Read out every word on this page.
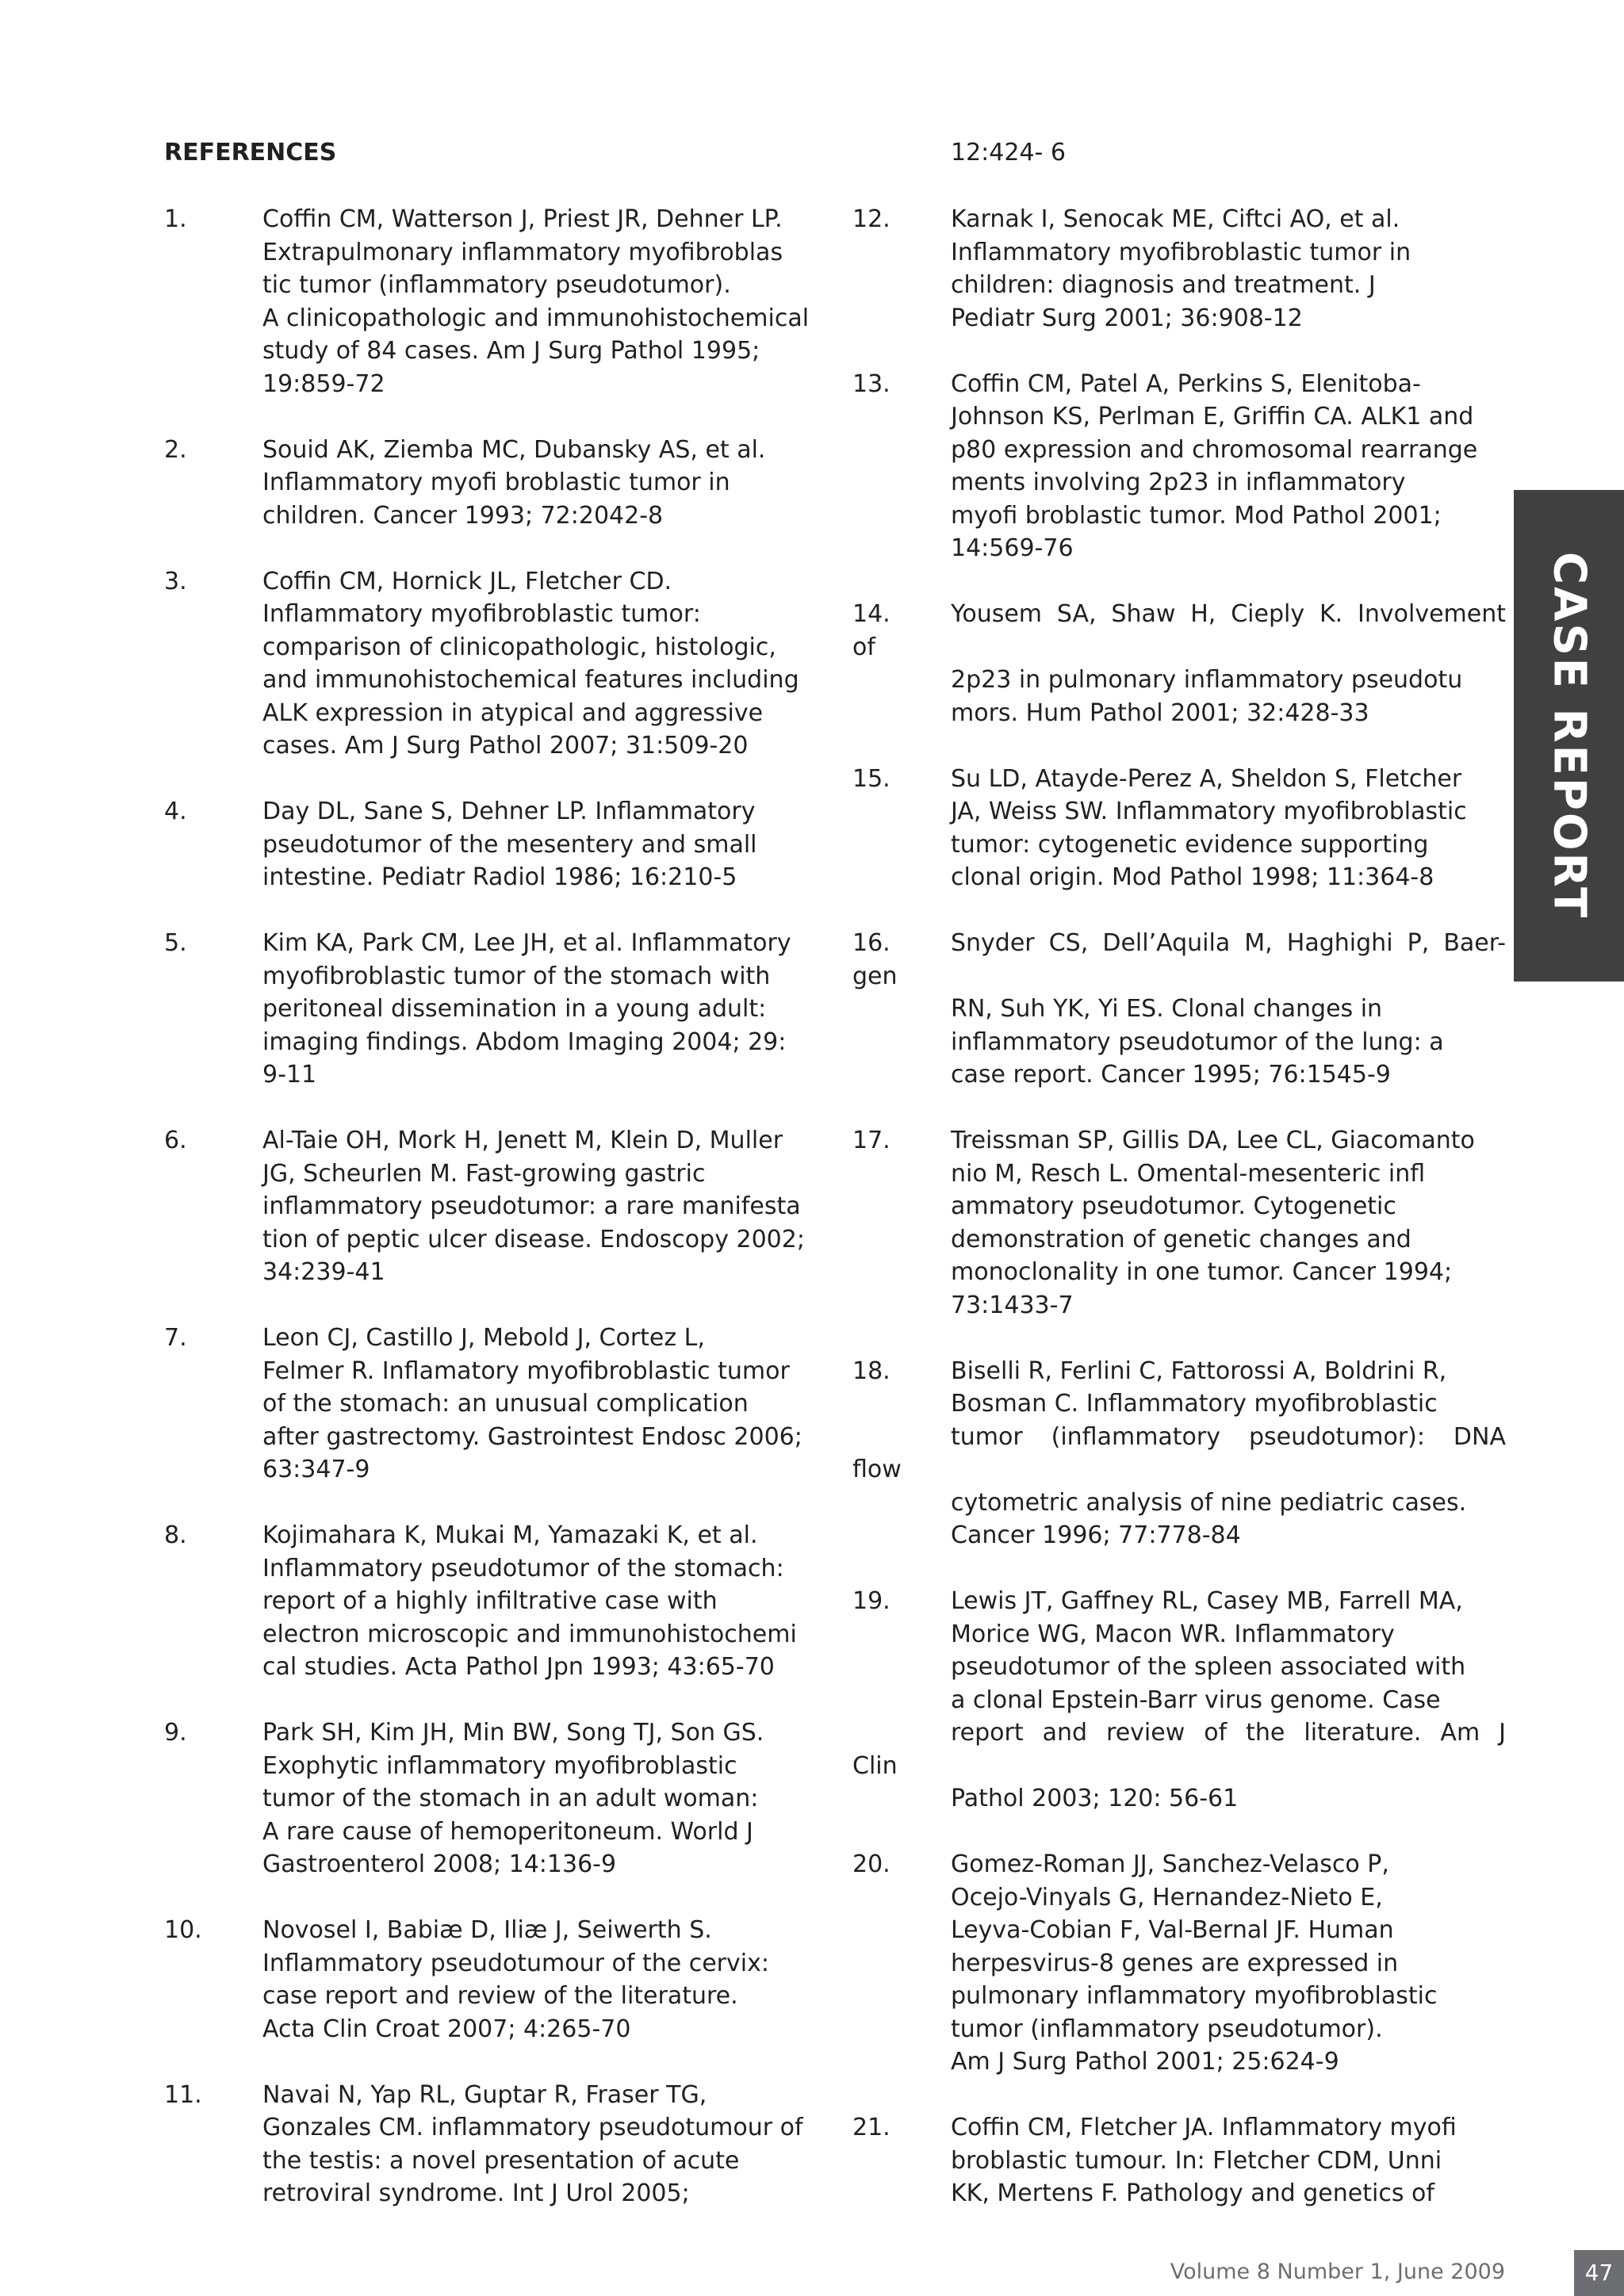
REFERENCES	12:424- 6
1.	Coffin CM, Watterson J, Priest JR, Dehner LP.
Extrapulmonary inflammatory myofibroblas
tic tumor (inflammatory pseudotumor).
A clinicopathologic and immunohistochemical
study of 84 cases. Am J Surg Pathol 1995;
19:859-72
2.	Souid AK, Ziemba MC, Dubansky AS, et al.
Inflammatory myofi broblastic tumor in
children. Cancer 1993; 72:2042-8
3.	Coffin CM, Hornick JL, Fletcher CD.
Inflammatory myofibroblastic tumor:
comparison of clinicopathologic, histologic,
and immunohistochemical features including
ALK expression in atypical and aggressive
cases. Am J Surg Pathol 2007; 31:509-20
4.	Day DL, Sane S, Dehner LP. Inflammatory
pseudotumor of the mesentery and small
intestine. Pediatr Radiol 1986; 16:210-5
5.	Kim KA, Park CM, Lee JH, et al. Inflammatory
myofibroblastic tumor of the stomach with
peritoneal dissemination in a young adult:
imaging findings. Abdom Imaging 2004; 29:
9-11
6.	Al-Taie OH, Mork H, Jenett M, Klein D, Muller
JG, Scheurlen M. Fast-growing gastric
inflammatory pseudotumor: a rare manifesta
tion of peptic ulcer disease. Endoscopy 2002;
34:239-41
7.	Leon CJ, Castillo J, Mebold J, Cortez L,
Felmer R. Inflamatory myofibroblastic tumor
of the stomach: an unusual complication
after gastrectomy. Gastrointest Endosc 2006;
63:347-9
8.	Kojimahara K, Mukai M, Yamazaki K, et al.
Inflammatory pseudotumor of the stomach:
report of a highly infiltrative case with
electron microscopic and immunohistochemi
cal studies. Acta Pathol Jpn 1993; 43:65-70
9.	Park SH, Kim JH, Min BW, Song TJ, Son GS.
Exophytic inflammatory myofibroblastic
tumor of the stomach in an adult woman:
A rare cause of hemoperitoneum. World J
Gastroenterol 2008; 14:136-9
10.	Novosel I, Babiæ D, Iliæ J, Seiwerth S.
Inflammatory pseudotumour of the cervix:
case report and review of the literature.
Acta Clin Croat 2007; 4:265-70
11.	Navai N, Yap RL, Guptar R, Fraser TG,
Gonzales CM. inflammatory pseudotumour of
the testis: a novel presentation of acute
retroviral syndrome. Int J Urol 2005;
12.	Karnak I, Senocak ME, Ciftci AO, et al.
Inflammatory myofibroblastic tumor in
children: diagnosis and treatment. J
Pediatr Surg 2001; 36:908-12
13.	Coffin CM, Patel A, Perkins S, Elenitoba-
Johnson KS, Perlman E, Griffin CA. ALK1 and
p80 expression and chromosomal rearrange
ments involving 2p23 in inflammatory
myofi broblastic tumor. Mod Pathol 2001;
14:569-76
14.	Yousem SA, Shaw H, Cieply K. Involvement
of
2p23 in pulmonary inflammatory pseudotu
mors. Hum Pathol 2001; 32:428-33
15.	Su LD, Atayde-Perez A, Sheldon S, Fletcher
JA, Weiss SW. Inflammatory myofibroblastic
tumor: cytogenetic evidence supporting
clonal origin. Mod Pathol 1998; 11:364-8
16.	Snyder CS, Dell’Aquila M, Haghighi P, Baer-
gen
RN, Suh YK, Yi ES. Clonal changes in
inflammatory pseudotumor of the lung: a
case report. Cancer 1995; 76:1545-9
17.	Treissman SP, Gillis DA, Lee CL, Giacomanto
nio M, Resch L. Omental-mesenteric infl
ammatory pseudotumor. Cytogenetic
demonstration of genetic changes and
monoclonality in one tumor. Cancer 1994;
73:1433-7
18.	Biselli R, Ferlini C, Fattorossi A, Boldrini R,
Bosman C. Inflammatory myofibroblastic
tumor (inflammatory pseudotumor): DNA
flow
cytometric analysis of nine pediatric cases.
Cancer 1996; 77:778-84
19.	Lewis JT, Gaffney RL, Casey MB, Farrell MA,
Morice WG, Macon WR. Inflammatory
pseudotumor of the spleen associated with
a clonal Epstein-Barr virus genome. Case
report and review of the literature. Am J
Clin
Pathol 2003; 120: 56-61
20.	Gomez-Roman JJ, Sanchez-Velasco P,
Ocejo-Vinyals G, Hernandez-Nieto E,
Leyva-Cobian F, Val-Bernal JF. Human
herpesvirus-8 genes are expressed in
pulmonary inflammatory myofibroblastic
tumor (inflammatory pseudotumor).
Am J Surg Pathol 2001; 25:624-9
21.	Coffin CM, Fletcher JA. Inflammatory myofi
broblastic tumour. In: Fletcher CDM, Unni
KK, Mertens F. Pathology and genetics of
CASE REPORT
Volume 8 Number 1, June 2009	47
